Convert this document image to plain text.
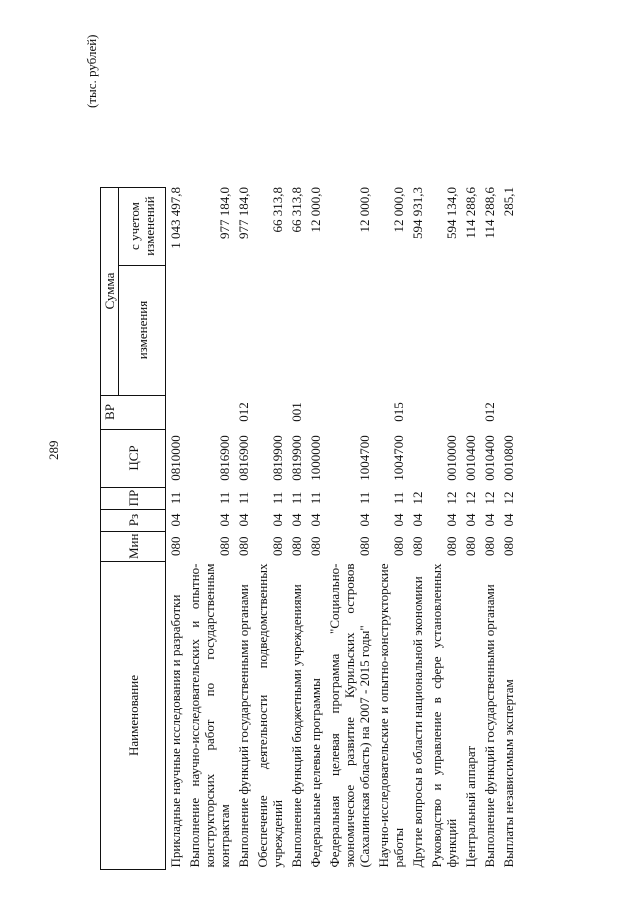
289
(тыс. рублей)
Наименование	Мин	Рз	ПР	ЦСР	ВР	Сумма	
						изменения	с учетом изменений
Прикладные научные исследования и разработки	080	04	11	0810000			1 043 497,8
Выполнение научно-исследовательских и опытно-конструкторских работ по государственным контрактам	080	04	11	0816900			977 184,0
Выполнение функций государственными органами	080	04	11	0816900	012		977 184,0
Обеспечение деятельности подведомственных учреждений	080	04	11	0819900			66 313,8
Выполнение функций бюджетными учреждениями	080	04	11	0819900	001		66 313,8
Федеральные целевые программы	080	04	11	1000000			12 000,0
Федеральная целевая программа "Социально-экономическое развитие Курильских островов (Сахалинская область) на 2007 - 2015 годы"	080	04	11	1004700			12 000,0
Научно-исследовательские и опытно-конструкторские работы	080	04	11	1004700	015		12 000,0
Другие вопросы в области национальной экономики	080	04	12				594 931,3
Руководство и управление в сфере установленных функций	080	04	12	0010000			594 134,0
Центральный аппарат	080	04	12	0010400			114 288,6
Выполнение функций государственными органами	080	04	12	0010400	012		114 288,6
Выплаты независимым экспертам	080	04	12	0010800			285,1
